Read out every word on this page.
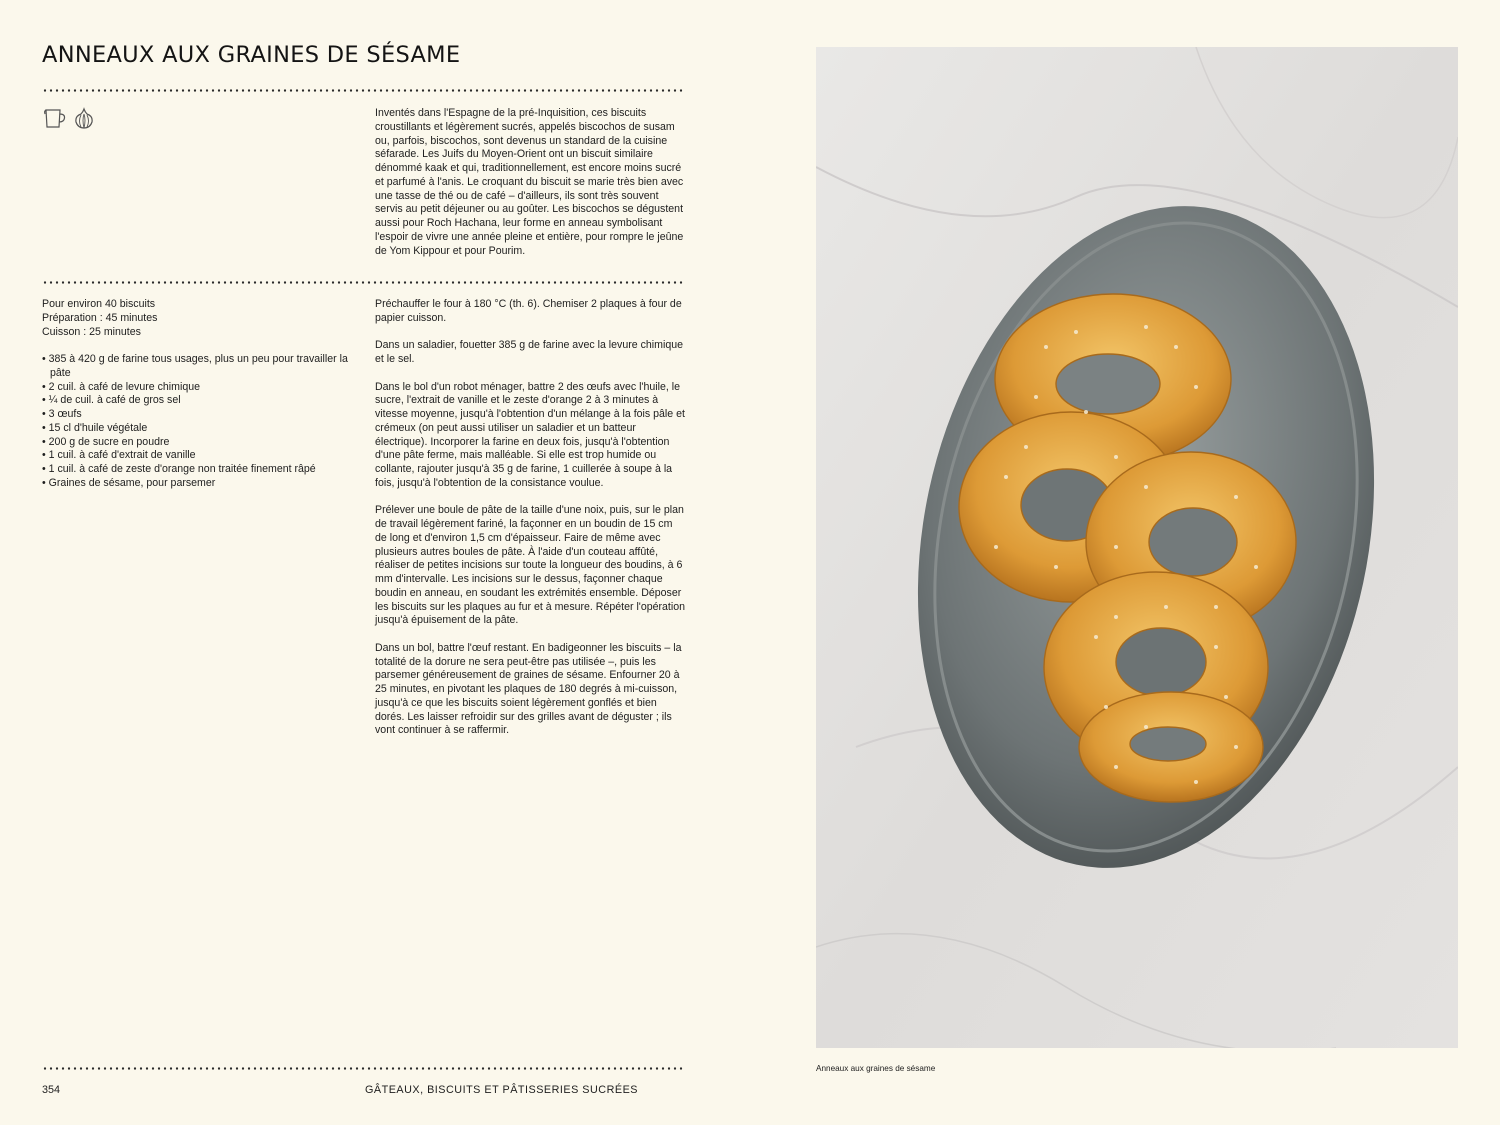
ANNEAUX AUX GRAINES DE SÉSAME

Inventés dans l'Espagne de la pré-Inquisition, ces biscuits croustillants et légèrement sucrés, appelés biscochos de susam ou, parfois, biscochos, sont devenus un standard de la cuisine séfarade. Les Juifs du Moyen-Orient ont un biscuit similaire dénommé kaak et qui, traditionnellement, est encore moins sucré et parfumé à l'anis. Le croquant du biscuit se marie très bien avec une tasse de thé ou de café – d'ailleurs, ils sont très souvent servis au petit déjeuner ou au goûter. Les biscochos se dégustent aussi pour Roch Hachana, leur forme en anneau symbolisant l'espoir de vivre une année pleine et entière, pour rompre le jeûne de Yom Kippour et pour Pourim.

Pour environ 40 biscuits
Préparation : 45 minutes
Cuisson : 25 minutes
• 385 à 420 g de farine tous usages, plus un peu pour travailler la pâte
• 2 cuil. à café de levure chimique
• ¼ de cuil. à café de gros sel
• 3 œufs
• 15 cl d'huile végétale
• 200 g de sucre en poudre
• 1 cuil. à café d'extrait de vanille
• 1 cuil. à café de zeste d'orange non traitée finement râpé
• Graines de sésame, pour parsemer

Préchauffer le four à 180 °C (th. 6). Chemiser 2 plaques à four de papier cuisson.

Dans un saladier, fouetter 385 g de farine avec la levure chimique et le sel.

Dans le bol d'un robot ménager, battre 2 des œufs avec l'huile, le sucre, l'extrait de vanille et le zeste d'orange 2 à 3 minutes à vitesse moyenne, jusqu'à l'obtention d'un mélange à la fois pâle et crémeux (on peut aussi utiliser un saladier et un batteur électrique). Incorporer la farine en deux fois, jusqu'à l'obtention d'une pâte ferme, mais malléable. Si elle est trop humide ou collante, rajouter jusqu'à 35 g de farine, 1 cuillerée à soupe à la fois, jusqu'à l'obtention de la consistance voulue.

Prélever une boule de pâte de la taille d'une noix, puis, sur le plan de travail légèrement fariné, la façonner en un boudin de 15 cm de long et d'environ 1,5 cm d'épaisseur. Faire de même avec plusieurs autres boules de pâte. À l'aide d'un couteau affûté, réaliser de petites incisions sur toute la longueur des boudins, à 6 mm d'intervalle. Les incisions sur le dessus, façonner chaque boudin en anneau, en soudant les extrémités ensemble. Déposer les biscuits sur les plaques au fur et à mesure. Répéter l'opération jusqu'à épuisement de la pâte.

Dans un bol, battre l'œuf restant. En badigeonner les biscuits – la totalité de la dorure ne sera peut-être pas utilisée –, puis les parsemer généreusement de graines de sésame. Enfourner 20 à 25 minutes, en pivotant les plaques de 180 degrés à mi-cuisson, jusqu'à ce que les biscuits soient légèrement gonflés et bien dorés. Les laisser refroidir sur des grilles avant de déguster ; ils vont continuer à se raffermir.

Anneaux aux graines de sésame
354	GÂTEAUX, BISCUITS ET PÂTISSERIES SUCRÉES
